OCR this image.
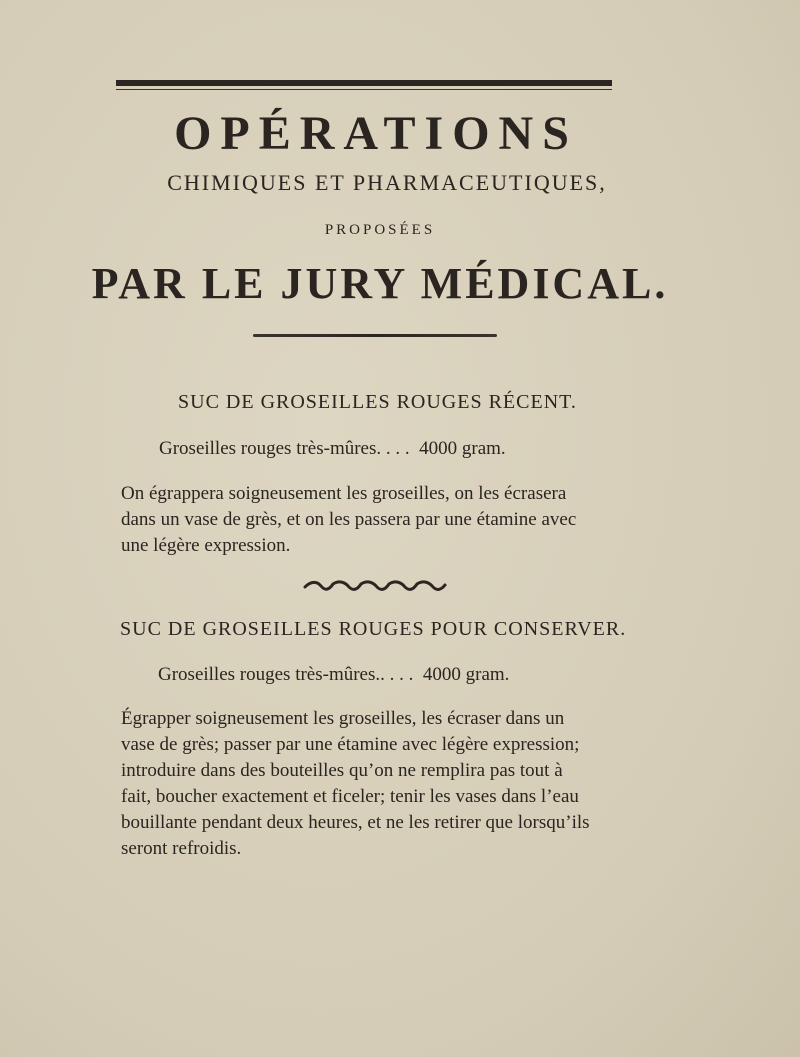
OPÉRATIONS
CHIMIQUES ET PHARMACEUTIQUES,
PROPOSÉES
PAR LE JURY MÉDICAL.
SUC DE GROSEILLES ROUGES RÉCENT.
Groseilles rouges très-mûres. . . .  4000 gram.
On égrappera soigneusement les groseilles, on les écrasera
dans un vase de grès, et on les passera par une étamine avec
une légère expression.
SUC DE GROSEILLES ROUGES POUR CONSERVER.
Groseilles rouges très-mûres.. . . .  4000 gram.
Égrapper soigneusement les groseilles, les écraser dans un
vase de grès; passer par une étamine avec légère expression;
introduire dans des bouteilles qu’on ne remplira pas tout à
fait, boucher exactement et ficeler; tenir les vases dans l’eau
bouillante pendant deux heures, et ne les retirer que lorsqu’ils
seront refroidis.
